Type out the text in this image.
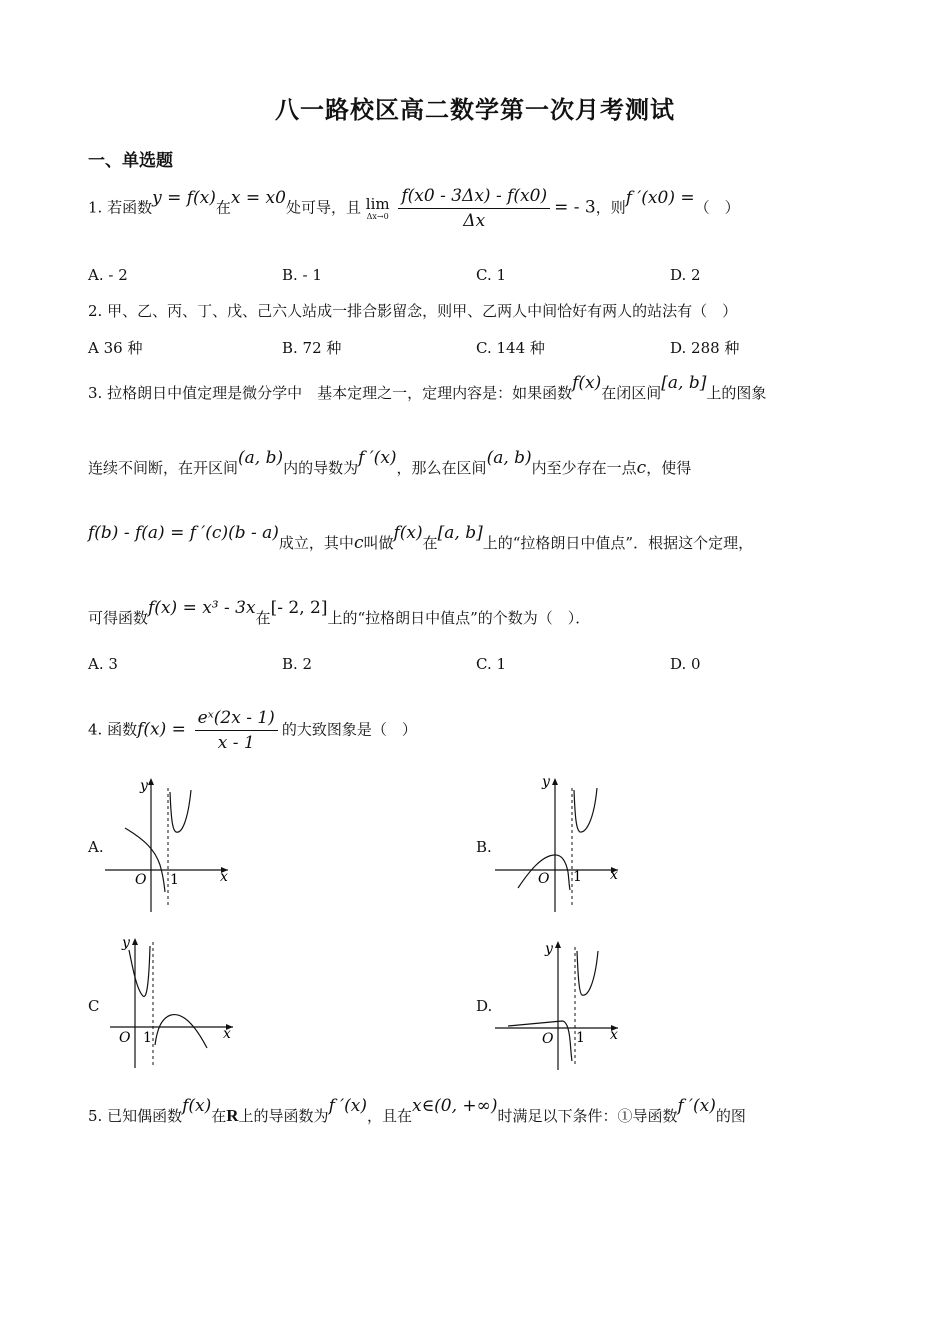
八一路校区高二数学第一次月考测试
一、单选题
1. 若函数y = f(x)在x = x0处可导，且 lim
Δx→0
$\frac{f(x0 - 3\Delta x) - f(x0)}{\Delta x}$ = - 3，则f ′(x0) =（　）
A. - 2	B. - 1	C. 1	D. 2
2. 甲、乙、丙、丁、戊、己六人站成一排合影留念，则甲、乙两人中间恰好有两人的站法有（　）
A 36 种	B. 72 种	C. 144 种	D. 288 种
3. 拉格朗日中值定理是微分学中　基本定理之一，定理内容是：如果函数f(x)在闭区间[a, b]上的图象
连续不间断，在开区间(a, b)内的导数为f ′(x)，那么在区间(a, b)内至少存在一点c，使得
f(b) - f(a) = f ′(c)(b - a)成立，其中c叫做f(x)在[a, b]上的“拉格朗日中值点”．根据这个定理，
可得函数f(x) = x³ - 3x在[- 2, 2]上的“拉格朗日中值点”的个数为（　）．
A. 3	B. 2	C. 1	D. 0
4. 函数$f(x) = \frac{\text{eˣ(2x - 1)}}{x - 1}$ 的大致图象是（　）
A.	B.
C	D.
y
x
O 1
y
x
O 1
y
x
O 1
y
x
O 1
5. 已知偶函数f(x)在R上的导函数为f ′(x)，且在x∈(0, +∞)时满足以下条件：①导函数f ′(x)的图
